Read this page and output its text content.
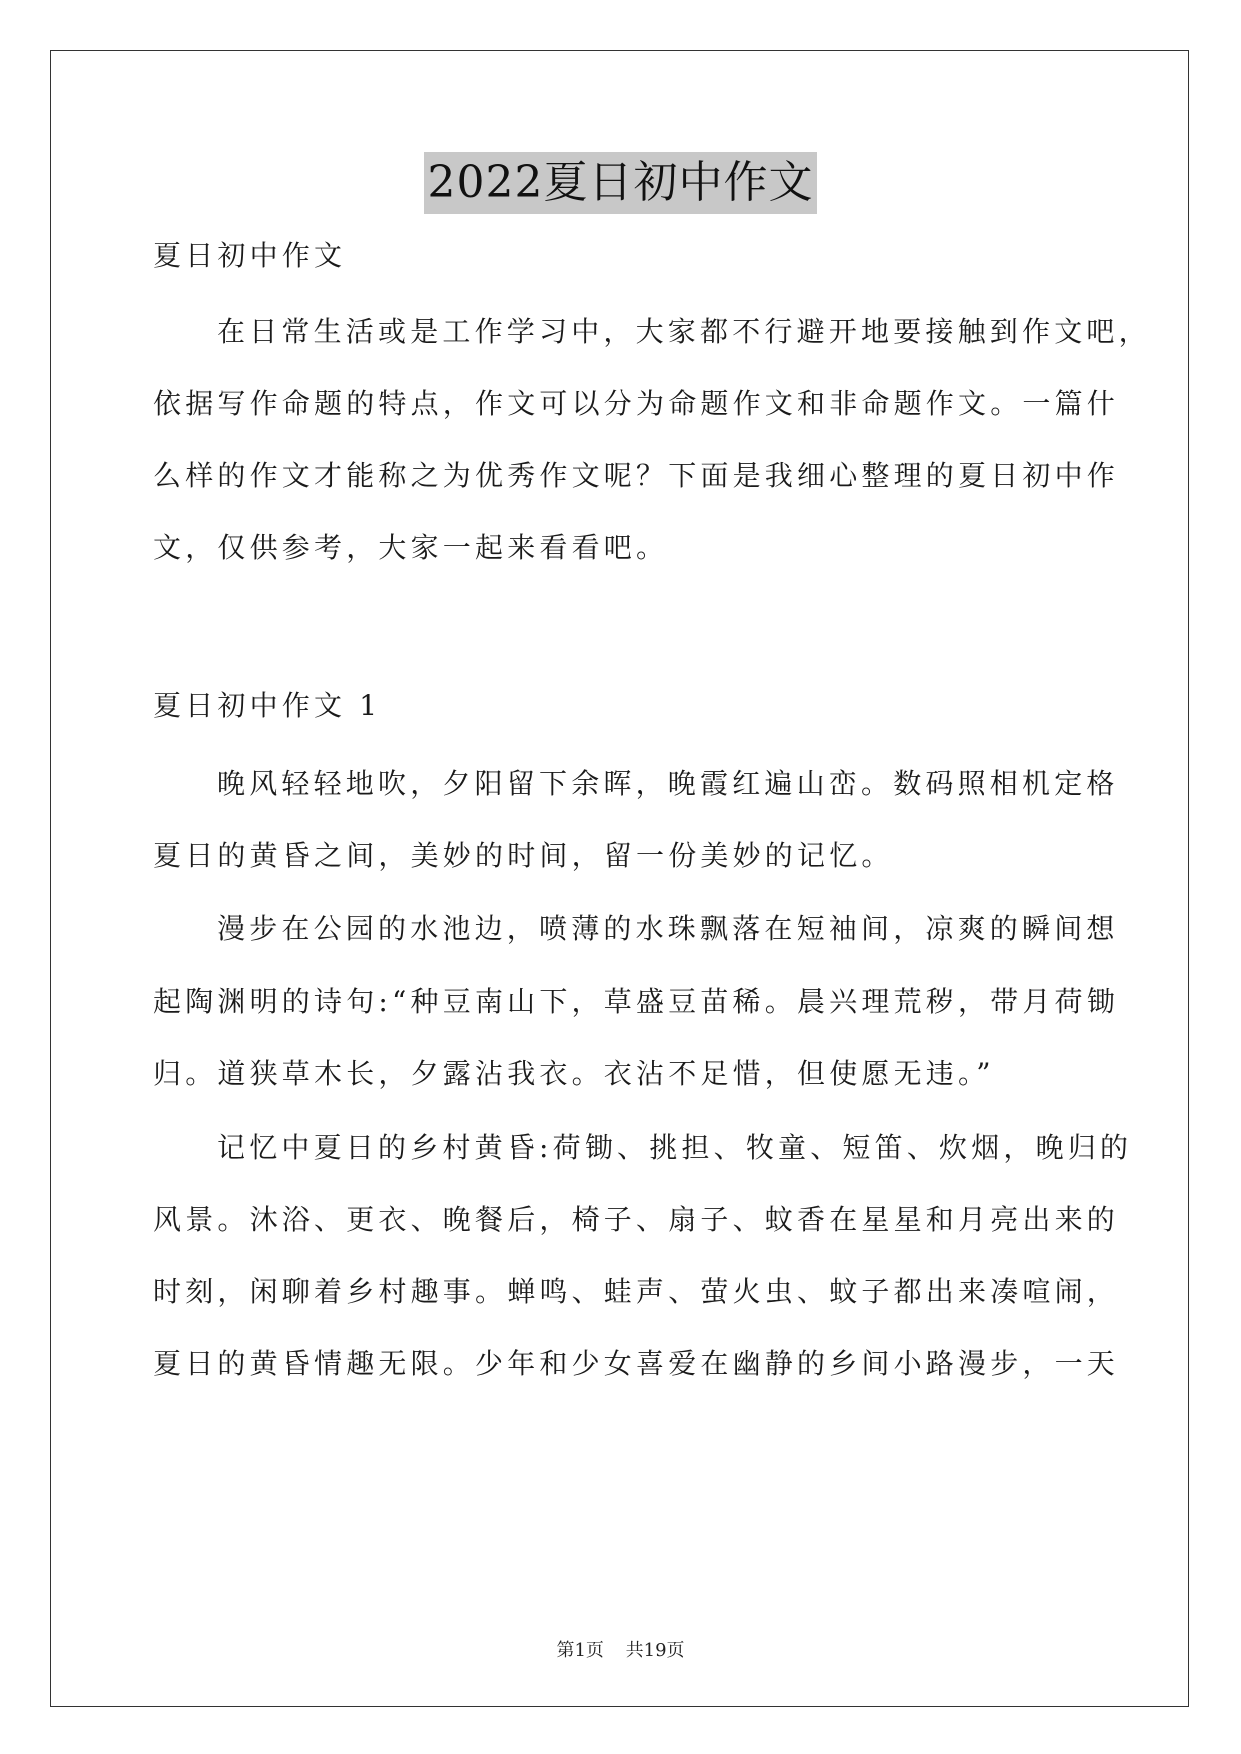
2022夏日初中作文
夏日初中作文
在日常生活或是工作学习中，大家都不行避开地要接触到作文吧，
依据写作命题的特点，作文可以分为命题作文和非命题作文。一篇什
么样的作文才能称之为优秀作文呢？下面是我细心整理的夏日初中作
文，仅供参考，大家一起来看看吧。
夏日初中作文 1
晚风轻轻地吹，夕阳留下余晖，晚霞红遍山峦。数码照相机定格
夏日的黄昏之间，美妙的时间，留一份美妙的记忆。
漫步在公园的水池边，喷薄的水珠飘落在短袖间，凉爽的瞬间想
起陶渊明的诗句:“种豆南山下，草盛豆苗稀。晨兴理荒秽，带月荷锄
归。道狭草木长，夕露沾我衣。衣沾不足惜，但使愿无违。”
记忆中夏日的乡村黄昏:荷锄、挑担、牧童、短笛、炊烟，晚归的
风景。沐浴、更衣、晚餐后，椅子、扇子、蚊香在星星和月亮出来的
时刻，闲聊着乡村趣事。蝉鸣、蛙声、萤火虫、蚊子都出来凑喧闹，
夏日的黄昏情趣无限。少年和少女喜爱在幽静的乡间小路漫步，一天
第1页 共19页
